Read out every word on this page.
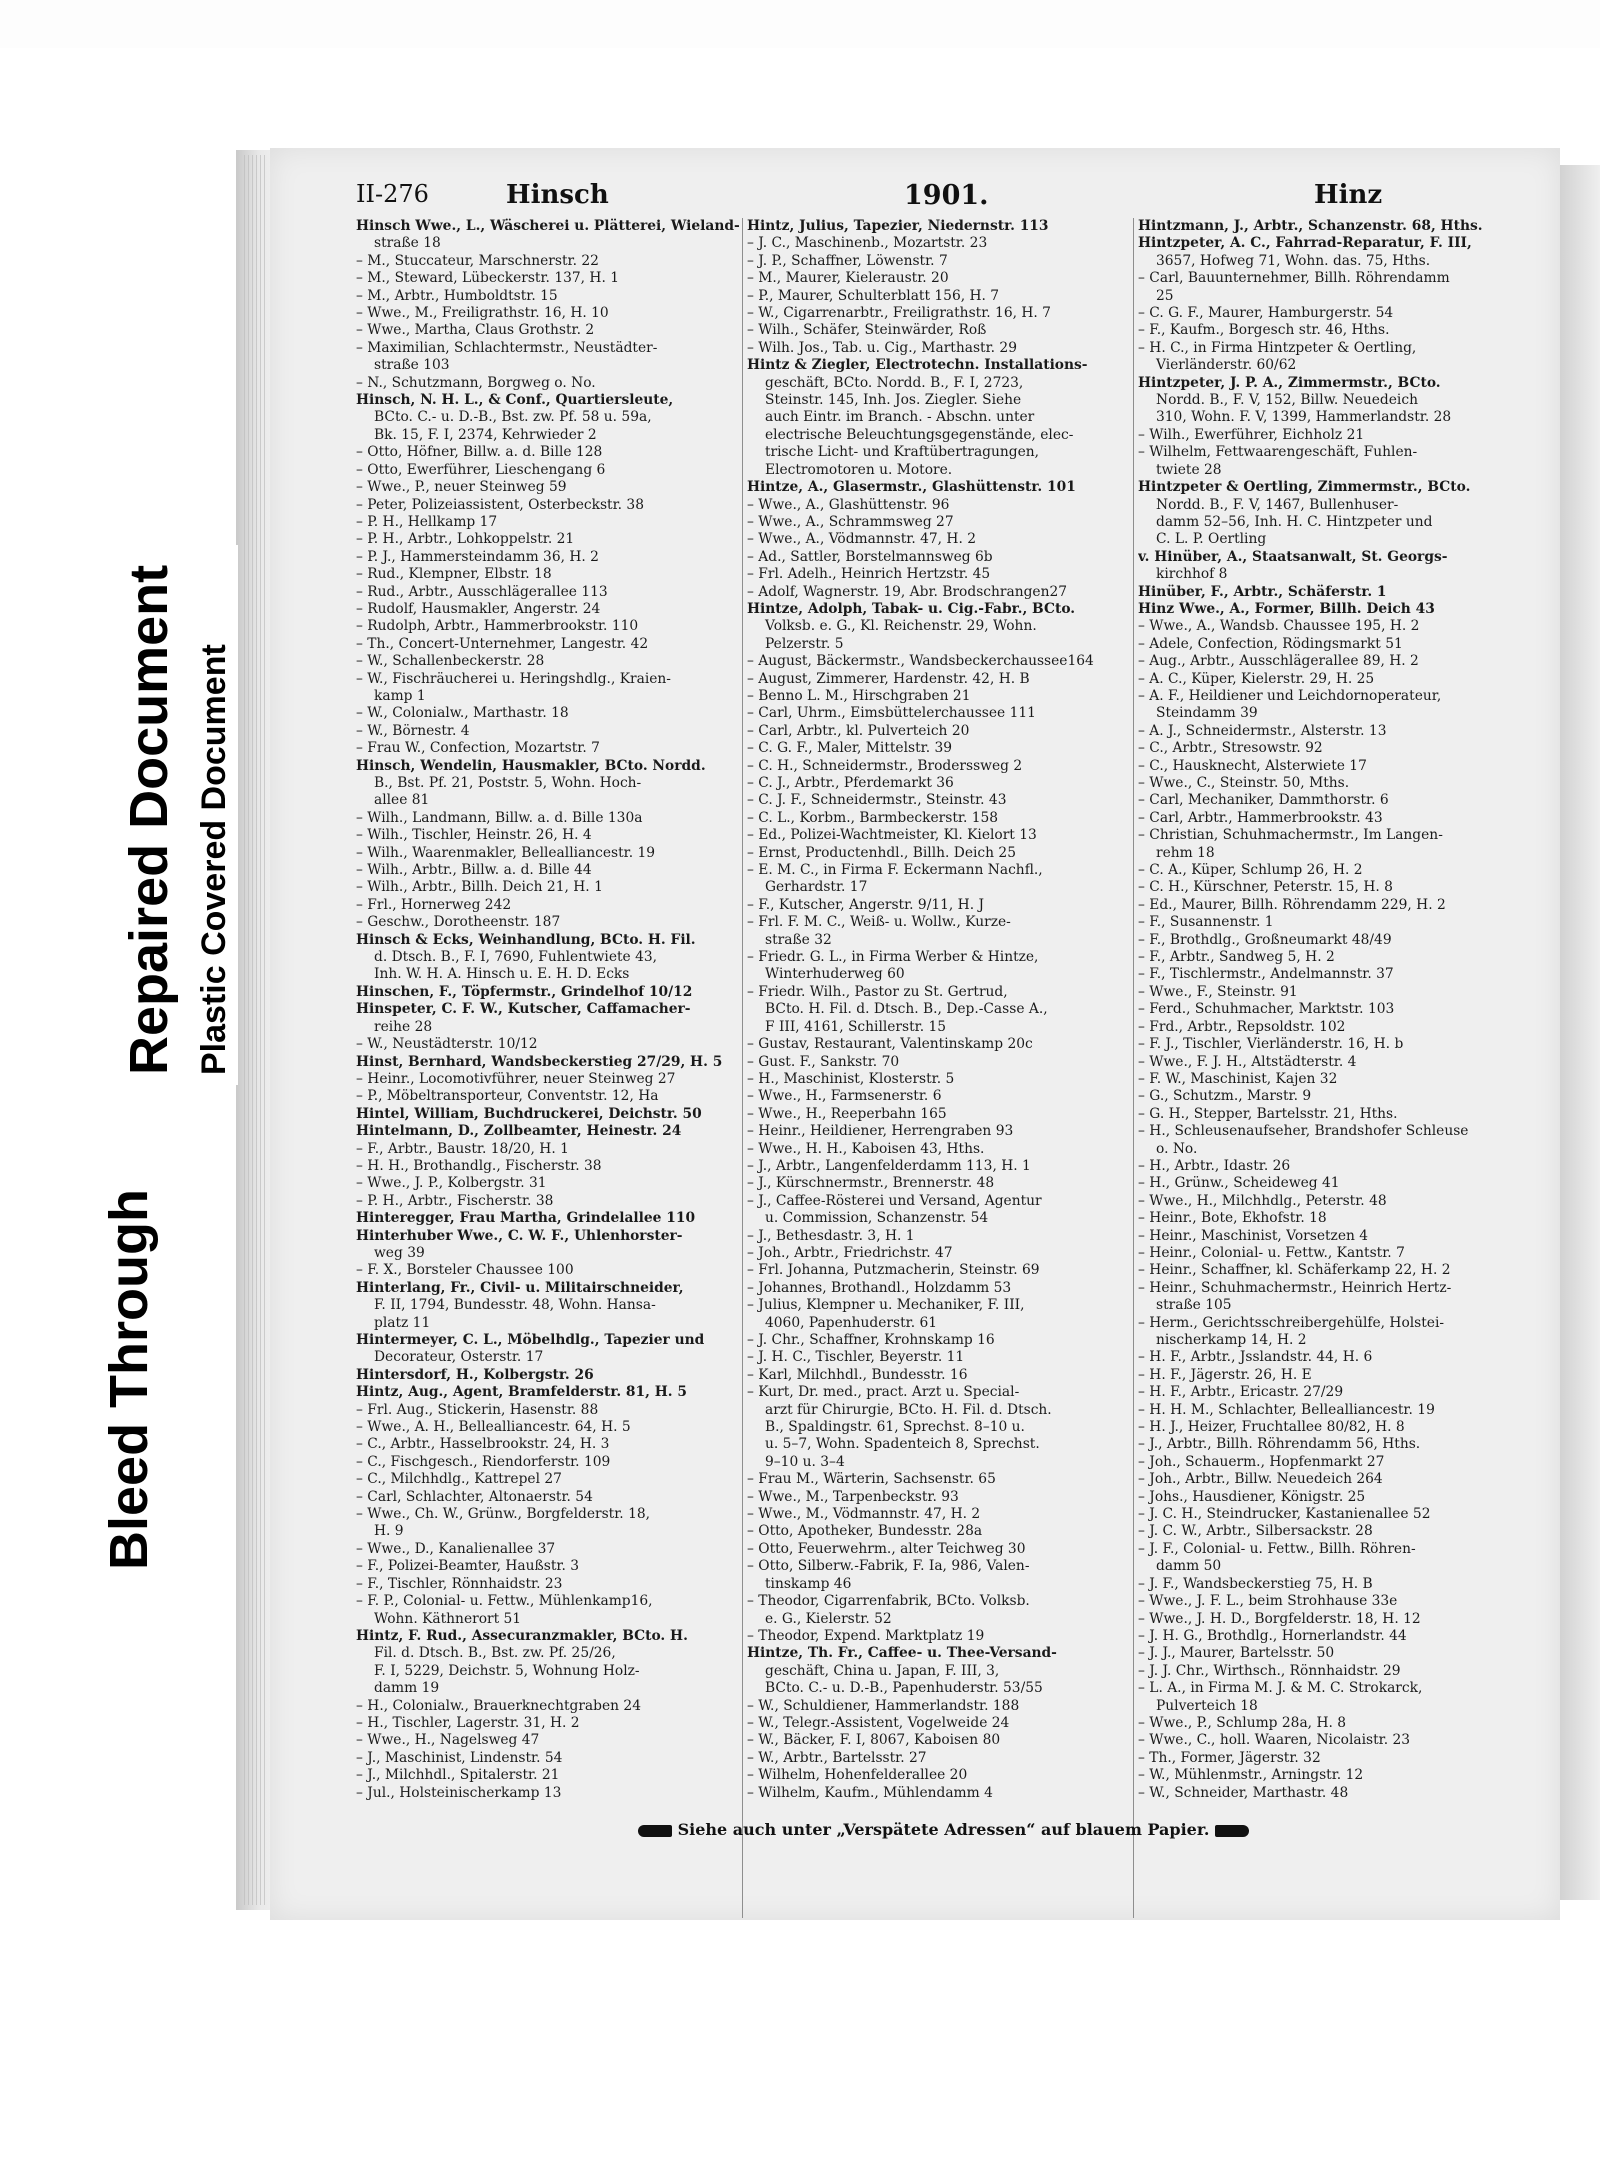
Bleed Through
Repaired Document Plastic Covered Document
II-276	Hinsch	1901.	Hinz
Hinsch Wwe., L., Wäscherei u. Plätterei, Wieland-
straße 18
– M., Stuccateur, Marschnerstr. 22
– M., Steward, Lübeckerstr. 137, H. 1
– M., Arbtr., Humboldtstr. 15
– Wwe., M., Freiligrathstr. 16, H. 10
– Wwe., Martha, Claus Grothstr. 2
– Maximilian, Schlachtermstr., Neustädter-
straße 103
– N., Schutzmann, Borgweg o. No.
Hinsch, N. H. L., & Conf., Quartiersleute,
BCto. C.- u. D.-B., Bst. zw. Pf. 58 u. 59a,
Bk. 15, F. I, 2374, Kehrwieder 2
– Otto, Höfner, Billw. a. d. Bille 128
– Otto, Ewerführer, Lieschengang 6
– Wwe., P., neuer Steinweg 59
– Peter, Polizeiassistent, Osterbeckstr. 38
– P. H., Hellkamp 17
– P. H., Arbtr., Lohkoppelstr. 21
– P. J., Hammersteindamm 36, H. 2
– Rud., Klempner, Elbstr. 18
– Rud., Arbtr., Ausschlägerallee 113
– Rudolf, Hausmakler, Angerstr. 24
– Rudolph, Arbtr., Hammerbrookstr. 110
– Th., Concert-Unternehmer, Langestr. 42
– W., Schallenbeckerstr. 28
– W., Fischräucherei u. Heringshdlg., Kraien-
kamp 1
– W., Colonialw., Marthastr. 18
– W., Börnestr. 4
– Frau W., Confection, Mozartstr. 7
Hinsch, Wendelin, Hausmakler, BCto. Nordd.
B., Bst. Pf. 21, Poststr. 5, Wohn. Hoch-
allee 81
– Wilh., Landmann, Billw. a. d. Bille 130a
– Wilh., Tischler, Heinstr. 26, H. 4
– Wilh., Waarenmakler, Bellealliancestr. 19
– Wilh., Arbtr., Billw. a. d. Bille 44
– Wilh., Arbtr., Billh. Deich 21, H. 1
– Frl., Hornerweg 242
– Geschw., Dorotheenstr. 187
Hinsch & Ecks, Weinhandlung, BCto. H. Fil.
d. Dtsch. B., F. I, 7690, Fuhlentwiete 43,
Inh. W. H. A. Hinsch u. E. H. D. Ecks
Hinschen, F., Töpfermstr., Grindelhof 10/12
Hinspeter, C. F. W., Kutscher, Caffamacher-
reihe 28
– W., Neustädterstr. 10/12
Hinst, Bernhard, Wandsbeckerstieg 27/29, H. 5
– Heinr., Locomotivführer, neuer Steinweg 27
– P., Möbeltransporteur, Conventstr. 12, Ha
Hintel, William, Buchdruckerei, Deichstr. 50
Hintelmann, D., Zollbeamter, Heinestr. 24
– F., Arbtr., Baustr. 18/20, H. 1
– H. H., Brothandlg., Fischerstr. 38
– Wwe., J. P., Kolbergstr. 31
– P. H., Arbtr., Fischerstr. 38
Hinteregger, Frau Martha, Grindelallee 110
Hinterhuber Wwe., C. W. F., Uhlenhorster-
weg 39
– F. X., Borsteler Chaussee 100
Hinterlang, Fr., Civil- u. Militairschneider,
F. II, 1794, Bundesstr. 48, Wohn. Hansa-
platz 11
Hintermeyer, C. L., Möbelhdlg., Tapezier und
Decorateur, Osterstr. 17
Hintersdorf, H., Kolbergstr. 26
Hintz, Aug., Agent, Bramfelderstr. 81, H. 5
– Frl. Aug., Stickerin, Hasenstr. 88
– Wwe., A. H., Bellealliancestr. 64, H. 5
– C., Arbtr., Hasselbrookstr. 24, H. 3
– C., Fischgesch., Riendorferstr. 109
– C., Milchhdlg., Kattrepel 27
– Carl, Schlachter, Altonaerstr. 54
– Wwe., Ch. W., Grünw., Borgfelderstr. 18,
H. 9
– Wwe., D., Kanalienallee 37
– F., Polizei-Beamter, Haußstr. 3
– F., Tischler, Rönnhaidstr. 23
– F. P., Colonial- u. Fettw., Mühlenkamp16,
Wohn. Käthnerort 51
Hintz, F. Rud., Assecuranzmakler, BCto. H.
Fil. d. Dtsch. B., Bst. zw. Pf. 25/26,
F. I, 5229, Deichstr. 5, Wohnung Holz-
damm 19
– H., Colonialw., Brauerknechtgraben 24
– H., Tischler, Lagerstr. 31, H. 2
– Wwe., H., Nagelsweg 47
– J., Maschinist, Lindenstr. 54
– J., Milchhdl., Spitalerstr. 21
– Jul., Holsteinischerkamp 13
Hintz, Julius, Tapezier, Niedernstr. 113
– J. C., Maschinenb., Mozartstr. 23
– J. P., Schaffner, Löwenstr. 7
– M., Maurer, Kieleraustr. 20
– P., Maurer, Schulterblatt 156, H. 7
– W., Cigarrenarbtr., Freiligrathstr. 16, H. 7
– Wilh., Schäfer, Steinwärder, Roß
– Wilh. Jos., Tab. u. Cig., Marthastr. 29
Hintz & Ziegler, Electrotechn. Installations-
geschäft, BCto. Nordd. B., F. I, 2723,
Steinstr. 145, Inh. Jos. Ziegler. Siehe
auch Eintr. im Branch. - Abschn. unter
electrische Beleuchtungsgegenstände, elec-
trische Licht- und Kraftübertragungen,
Electromotoren u. Motore.
Hintze, A., Glasermstr., Glashüttenstr. 101
– Wwe., A., Glashüttenstr. 96
– Wwe., A., Schrammsweg 27
– Wwe., A., Vödmannstr. 47, H. 2
– Ad., Sattler, Borstelmannsweg 6b
– Frl. Adelh., Heinrich Hertzstr. 45
– Adolf, Wagnerstr. 19, Abr. Brodschrangen27
Hintze, Adolph, Tabak- u. Cig.-Fabr., BCto.
Volksb. e. G., Kl. Reichenstr. 29, Wohn.
Pelzerstr. 5
– August, Bäckermstr., Wandsbeckerchaussee164
– August, Zimmerer, Hardenstr. 42, H. B
– Benno L. M., Hirschgraben 21
– Carl, Uhrm., Eimsbüttelerchaussee 111
– Carl, Arbtr., kl. Pulverteich 20
– C. G. F., Maler, Mittelstr. 39
– C. H., Schneidermstr., Broderssweg 2
– C. J., Arbtr., Pferdemarkt 36
– C. J. F., Schneidermstr., Steinstr. 43
– C. L., Korbm., Barmbeckerstr. 158
– Ed., Polizei-Wachtmeister, Kl. Kielort 13
– Ernst, Productenhdl., Billh. Deich 25
– E. M. C., in Firma F. Eckermann Nachfl.,
Gerhardstr. 17
– F., Kutscher, Angerstr. 9/11, H. J
– Frl. F. M. C., Weiß- u. Wollw., Kurze-
straße 32
– Friedr. G. L., in Firma Werber & Hintze,
Winterhuderweg 60
– Friedr. Wilh., Pastor zu St. Gertrud,
BCto. H. Fil. d. Dtsch. B., Dep.-Casse A.,
F III, 4161, Schillerstr. 15
– Gustav, Restaurant, Valentinskamp 20c
– Gust. F., Sankstr. 70
– H., Maschinist, Klosterstr. 5
– Wwe., H., Farmsenerstr. 6
– Wwe., H., Reeperbahn 165
– Heinr., Heildiener, Herrengraben 93
– Wwe., H. H., Kaboisen 43, Hths.
– J., Arbtr., Langenfelderdamm 113, H. 1
– J., Kürschnermstr., Brennerstr. 48
– J., Caffee-Rösterei und Versand, Agentur
u. Commission, Schanzenstr. 54
– J., Bethesdastr. 3, H. 1
– Joh., Arbtr., Friedrichstr. 47
– Frl. Johanna, Putzmacherin, Steinstr. 69
– Johannes, Brothandl., Holzdamm 53
– Julius, Klempner u. Mechaniker, F. III,
4060, Papenhuderstr. 61
– J. Chr., Schaffner, Krohnskamp 16
– J. H. C., Tischler, Beyerstr. 11
– Karl, Milchhdl., Bundesstr. 16
– Kurt, Dr. med., pract. Arzt u. Special-
arzt für Chirurgie, BCto. H. Fil. d. Dtsch.
B., Spaldingstr. 61, Sprechst. 8–10 u.
u. 5–7, Wohn. Spadenteich 8, Sprechst.
9–10 u. 3–4
– Frau M., Wärterin, Sachsenstr. 65
– Wwe., M., Tarpenbeckstr. 93
– Wwe., M., Vödmannstr. 47, H. 2
– Otto, Apotheker, Bundesstr. 28a
– Otto, Feuerwehrm., alter Teichweg 30
– Otto, Silberw.-Fabrik, F. Ia, 986, Valen-
tinskamp 46
– Theodor, Cigarrenfabrik, BCto. Volksb.
e. G., Kielerstr. 52
– Theodor, Expend. Marktplatz 19
Hintze, Th. Fr., Caffee- u. Thee-Versand-
geschäft, China u. Japan, F. III, 3,
BCto. C.- u. D.-B., Papenhuderstr. 53/55
– W., Schuldiener, Hammerlandstr. 188
– W., Telegr.-Assistent, Vogelweide 24
– W., Bäcker, F. I, 8067, Kaboisen 80
– W., Arbtr., Bartelsstr. 27
– Wilhelm, Hohenfelderallee 20
– Wilhelm, Kaufm., Mühlendamm 4
Hintzmann, J., Arbtr., Schanzenstr. 68, Hths.
Hintzpeter, A. C., Fahrrad-Reparatur, F. III,
3657, Hofweg 71, Wohn. das. 75, Hths.
– Carl, Bauunternehmer, Billh. Röhrendamm
25
– C. G. F., Maurer, Hamburgerstr. 54
– F., Kaufm., Borgesch str. 46, Hths.
– H. C., in Firma Hintzpeter & Oertling,
Vierländerstr. 60/62
Hintzpeter, J. P. A., Zimmermstr., BCto.
Nordd. B., F. V, 152, Billw. Neuedeich
310, Wohn. F. V, 1399, Hammerlandstr. 28
– Wilh., Ewerführer, Eichholz 21
– Wilhelm, Fettwaarengeschäft, Fuhlen-
twiete 28
Hintzpeter & Oertling, Zimmermstr., BCto.
Nordd. B., F. V, 1467, Bullenhuser-
damm 52–56, Inh. H. C. Hintzpeter und
C. L. P. Oertling
v. Hinüber, A., Staatsanwalt, St. Georgs-
kirchhof 8
Hinüber, F., Arbtr., Schäferstr. 1
Hinz Wwe., A., Former, Billh. Deich 43
– Wwe., A., Wandsb. Chaussee 195, H. 2
– Adele, Confection, Rödingsmarkt 51
– Aug., Arbtr., Ausschlägerallee 89, H. 2
– A. C., Küper, Kielerstr. 29, H. 25
– A. F., Heildiener und Leichdornoperateur,
Steindamm 39
– A. J., Schneidermstr., Alsterstr. 13
– C., Arbtr., Stresowstr. 92
– C., Hausknecht, Alsterwiete 17
– Wwe., C., Steinstr. 50, Mths.
– Carl, Mechaniker, Dammthorstr. 6
– Carl, Arbtr., Hammerbrookstr. 43
– Christian, Schuhmachermstr., Im Langen-
rehm 18
– C. A., Küper, Schlump 26, H. 2
– C. H., Kürschner, Peterstr. 15, H. 8
– Ed., Maurer, Billh. Röhrendamm 229, H. 2
– F., Susannenstr. 1
– F., Brothdlg., Großneumarkt 48/49
– F., Arbtr., Sandweg 5, H. 2
– F., Tischlermstr., Andelmannstr. 37
– Wwe., F., Steinstr. 91
– Ferd., Schuhmacher, Marktstr. 103
– Frd., Arbtr., Repsoldstr. 102
– F. J., Tischler, Vierländerstr. 16, H. b
– Wwe., F. J. H., Altstädterstr. 4
– F. W., Maschinist, Kajen 32
– G., Schutzm., Marstr. 9
– G. H., Stepper, Bartelsstr. 21, Hths.
– H., Schleusenaufseher, Brandshofer Schleuse
o. No.
– H., Arbtr., Idastr. 26
– H., Grünw., Scheideweg 41
– Wwe., H., Milchhdlg., Peterstr. 48
– Heinr., Bote, Ekhofstr. 18
– Heinr., Maschinist, Vorsetzen 4
– Heinr., Colonial- u. Fettw., Kantstr. 7
– Heinr., Schaffner, kl. Schäferkamp 22, H. 2
– Heinr., Schuhmachermstr., Heinrich Hertz-
straße 105
– Herm., Gerichtsschreibergehülfe, Holstei-
nischerkamp 14, H. 2
– H. F., Arbtr., Jsslandstr. 44, H. 6
– H. F., Jägerstr. 26, H. E
– H. F., Arbtr., Ericastr. 27/29
– H. H. M., Schlachter, Bellealliancestr. 19
– H. J., Heizer, Fruchtallee 80/82, H. 8
– J., Arbtr., Billh. Röhrendamm 56, Hths.
– Joh., Schauerm., Hopfenmarkt 27
– Joh., Arbtr., Billw. Neuedeich 264
– Johs., Hausdiener, Königstr. 25
– J. C. H., Steindrucker, Kastanienallee 52
– J. C. W., Arbtr., Silbersackstr. 28
– J. F., Colonial- u. Fettw., Billh. Röhren-
damm 50
– J. F., Wandsbeckerstieg 75, H. B
– Wwe., J. F. L., beim Strohhause 33e
– Wwe., J. H. D., Borgfelderstr. 18, H. 12
– J. H. G., Brothdlg., Hornerlandstr. 44
– J. J., Maurer, Bartelsstr. 50
– J. J. Chr., Wirthsch., Rönnhaidstr. 29
– L. A., in Firma M. J. & M. C. Strokarck,
Pulverteich 18
– Wwe., P., Schlump 28a, H. 8
– Wwe., C., holl. Waaren, Nicolaistr. 23
– Th., Former, Jägerstr. 32
– W., Mühlenmstr., Arningstr. 12
– W., Schneider, Marthastr. 48
Siehe auch unter „Verspätete Adressen“ auf blauem Papier.
